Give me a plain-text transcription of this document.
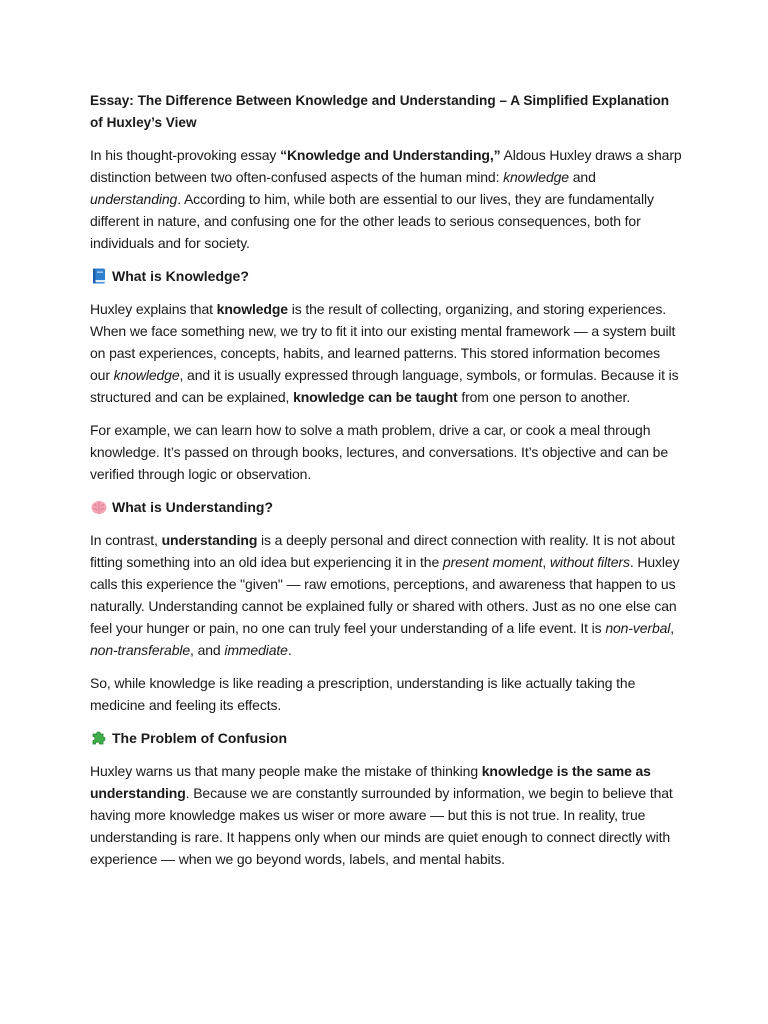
Essay: The Difference Between Knowledge and Understanding – A Simplified Explanation of Huxley’s View

In his thought-provoking essay “Knowledge and Understanding,” Aldous Huxley draws a sharp distinction between two often-confused aspects of the human mind: knowledge and understanding. According to him, while both are essential to our lives, they are fundamentally different in nature, and confusing one for the other leads to serious consequences, both for individuals and for society.

What is Knowledge?

Huxley explains that knowledge is the result of collecting, organizing, and storing experiences. When we face something new, we try to fit it into our existing mental framework — a system built on past experiences, concepts, habits, and learned patterns. This stored information becomes our knowledge, and it is usually expressed through language, symbols, or formulas. Because it is structured and can be explained, knowledge can be taught from one person to another.

For example, we can learn how to solve a math problem, drive a car, or cook a meal through knowledge. It’s passed on through books, lectures, and conversations. It’s objective and can be verified through logic or observation.

What is Understanding?

In contrast, understanding is a deeply personal and direct connection with reality. It is not about fitting something into an old idea but experiencing it in the present moment, without filters. Huxley calls this experience the "given" — raw emotions, perceptions, and awareness that happen to us naturally. Understanding cannot be explained fully or shared with others. Just as no one else can feel your hunger or pain, no one can truly feel your understanding of a life event. It is non-verbal, non-transferable, and immediate.

So, while knowledge is like reading a prescription, understanding is like actually taking the medicine and feeling its effects.

The Problem of Confusion

Huxley warns us that many people make the mistake of thinking knowledge is the same as understanding. Because we are constantly surrounded by information, we begin to believe that having more knowledge makes us wiser or more aware — but this is not true. In reality, true understanding is rare. It happens only when our minds are quiet enough to connect directly with experience — when we go beyond words, labels, and mental habits.
